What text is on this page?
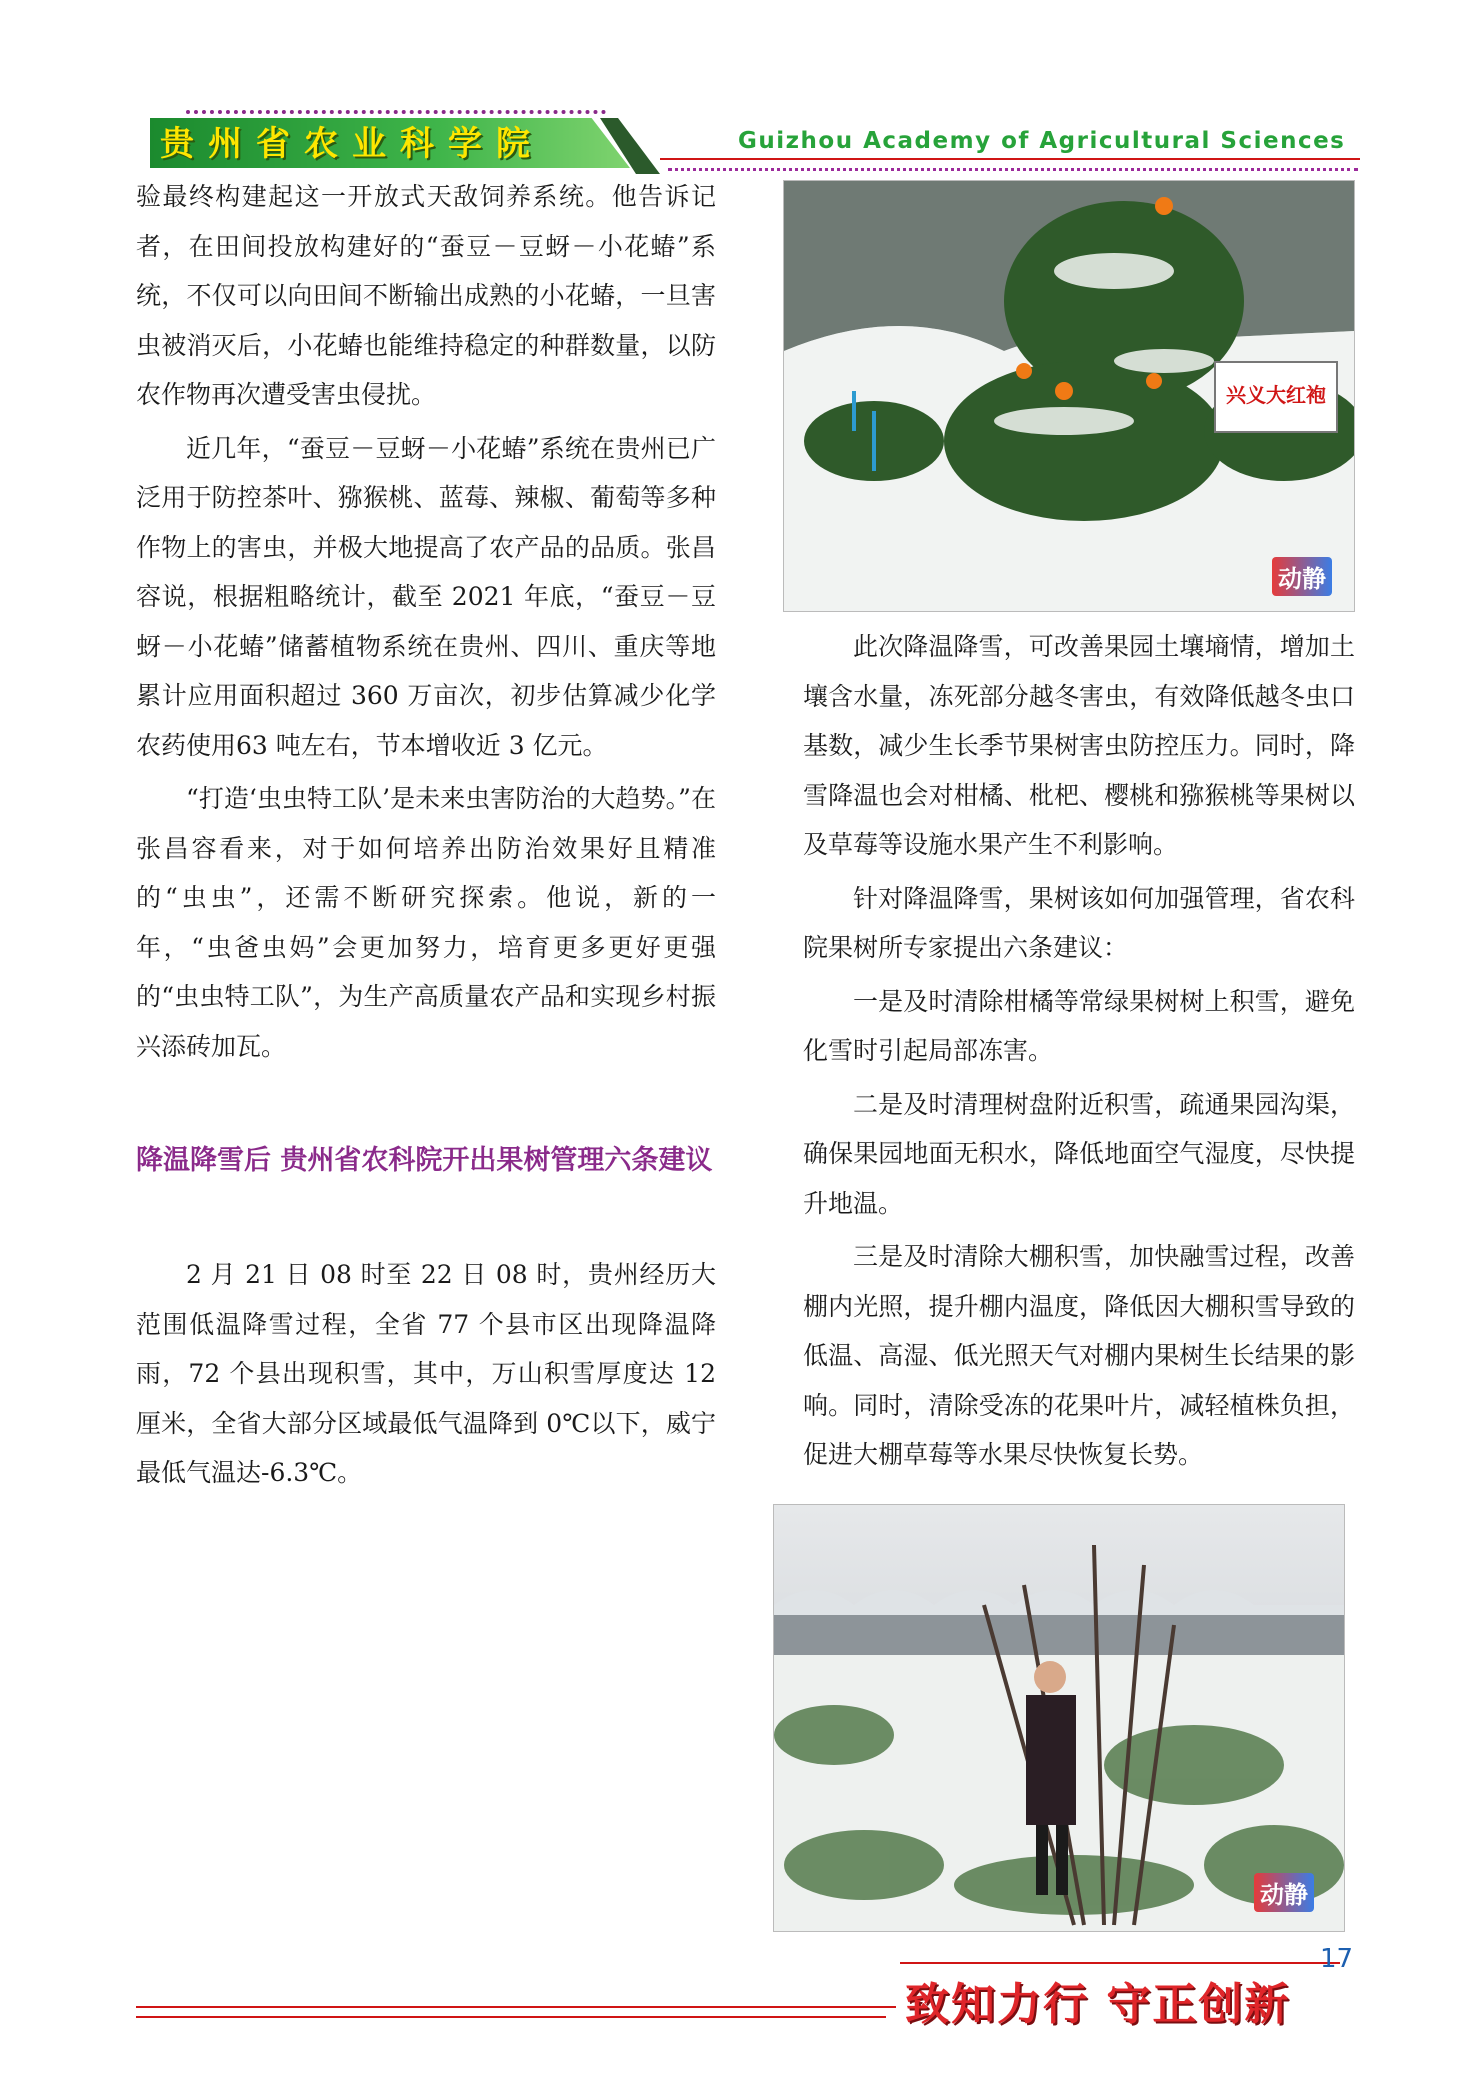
贵州省农业科学院	Guizhou Academy of Agricultural Sciences

验最终构建起这一开放式天敌饲养系统。他告诉记者，在田间投放构建好的“蚕豆－豆蚜－小花蝽”系统，不仅可以向田间不断输出成熟的小花蝽，一旦害虫被消灭后，小花蝽也能维持稳定的种群数量，以防农作物再次遭受害虫侵扰。

近几年，“蚕豆－豆蚜－小花蝽”系统在贵州已广泛用于防控茶叶、猕猴桃、蓝莓、辣椒、葡萄等多种作物上的害虫，并极大地提高了农产品的品质。张昌容说，根据粗略统计，截至 2021 年底，“蚕豆－豆蚜－小花蝽”储蓄植物系统在贵州、四川、重庆等地累计应用面积超过 360 万亩次，初步估算减少化学农药使用63 吨左右，节本增收近 3 亿元。

“打造‘虫虫特工队’是未来虫害防治的大趋势。”在张昌容看来，对于如何培养出防治效果好且精准的“虫虫”，还需不断研究探索。他说，新的一年，“虫爸虫妈”会更加努力，培育更多更好更强的“虫虫特工队”，为生产高质量农产品和实现乡村振兴添砖加瓦。

降温降雪后 贵州省农科院开出果树管理六条建议

2 月 21 日 08 时至 22 日 08 时，贵州经历大范围低温降雪过程，全省 77 个县市区出现降温降雨，72 个县出现积雪，其中，万山积雪厚度达 12 厘米，全省大部分区域最低气温降到 0℃以下，威宁最低气温达-6.3℃。

兴义大红袍
动静

此次降温降雪，可改善果园土壤墒情，增加土壤含水量，冻死部分越冬害虫，有效降低越冬虫口基数，减少生长季节果树害虫防控压力。同时，降雪降温也会对柑橘、枇杷、樱桃和猕猴桃等果树以及草莓等设施水果产生不利影响。

针对降温降雪，果树该如何加强管理，省农科院果树所专家提出六条建议：

一是及时清除柑橘等常绿果树树上积雪，避免化雪时引起局部冻害。

二是及时清理树盘附近积雪，疏通果园沟渠，确保果园地面无积水，降低地面空气湿度，尽快提升地温。

三是及时清除大棚积雪，加快融雪过程，改善棚内光照，提升棚内温度，降低因大棚积雪导致的低温、高湿、低光照天气对棚内果树生长结果的影响。同时，清除受冻的花果叶片，减轻植株负担，促进大棚草莓等水果尽快恢复长势。

动静
致知力行 守正创新
17
